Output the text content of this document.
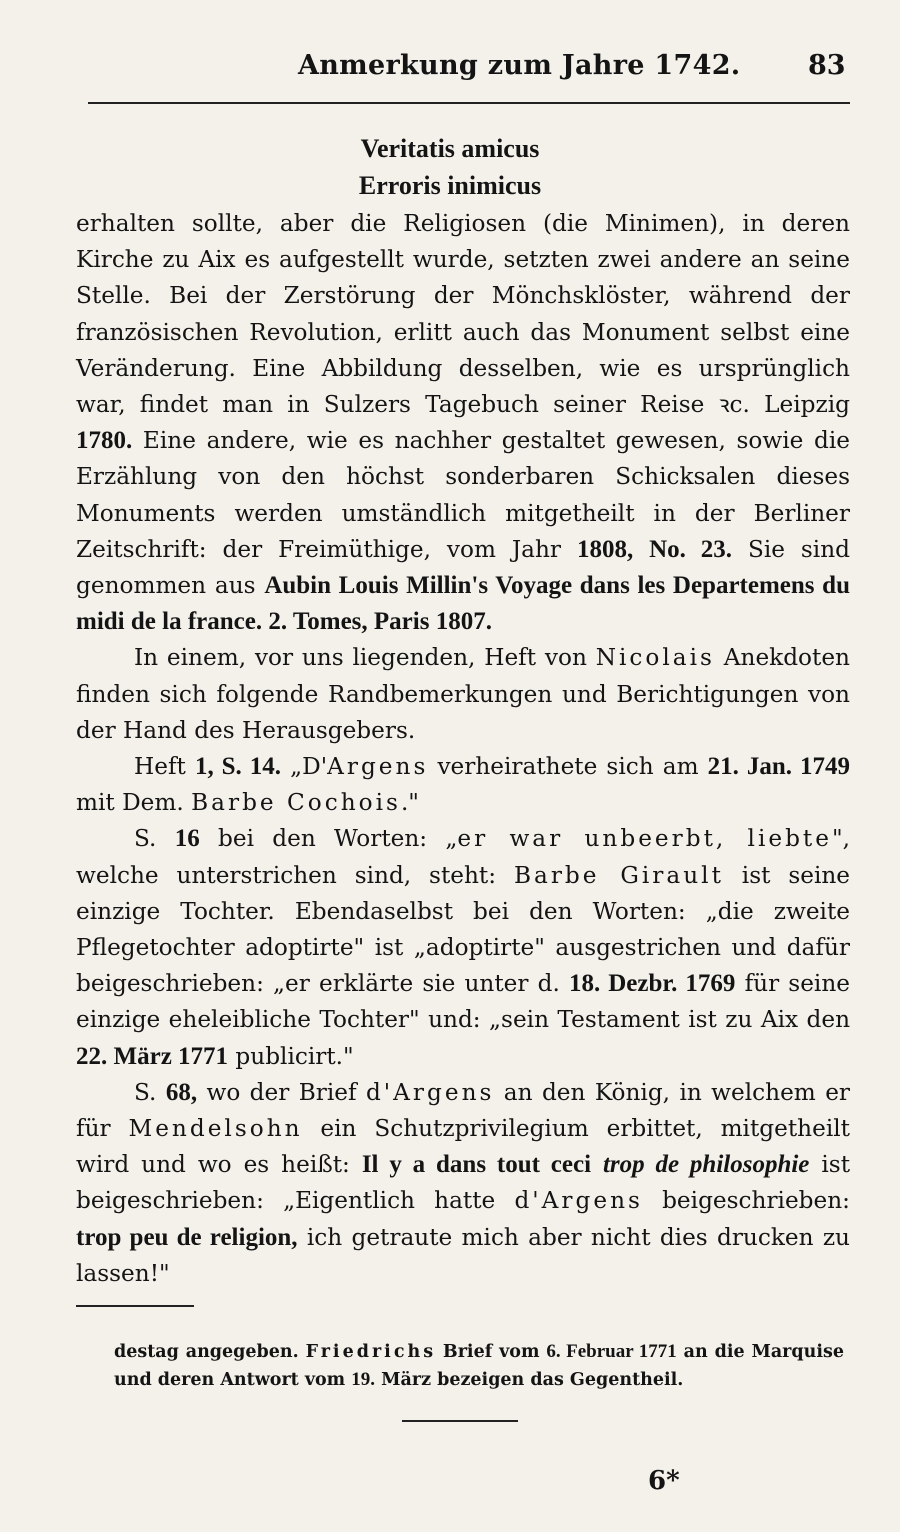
Anmerkung zum Jahre 1742.	83
Veritatis amicus
Erroris inimicus

erhalten sollte, aber die Religiosen (die Minimen), in deren Kirche zu Aix es aufgestellt wurde, setzten zwei andere an seine Stelle. Bei der Zerstörung der Mönchsklöster, während der französischen Revolution, erlitt auch das Monument selbst eine Veränderung. Eine Abbildung desselben, wie es ursprünglich war, findet man in Sulzers Tagebuch seiner Reise ꝛc. Leipzig 1780. Eine andere, wie es nachher gestaltet gewesen, sowie die Erzählung von den höchst sonderbaren Schicksalen dieses Monuments werden umständlich mitgetheilt in der Berliner Zeitschrift: der Freimüthige, vom Jahr 1808, No. 23. Sie sind genommen aus Aubin Louis Millin's Voyage dans les Departemens du midi de la france. 2. Tomes, Paris 1807.

In einem, vor uns liegenden, Heft von Nicolais Anekdoten finden sich folgende Randbemerkungen und Berichtigungen von der Hand des Herausgebers.

Heft 1, S. 14. „D'Argens verheirathete sich am 21. Jan. 1749 mit Dem. Barbe Cochois."

S. 16 bei den Worten: „er war unbeerbt, liebte", welche unterstrichen sind, steht: Barbe Girault ist seine einzige Tochter. Ebendaselbst bei den Worten: „die zweite Pflegetochter adoptirte" ist „adoptirte" ausgestrichen und dafür beigeschrieben: „er erklärte sie unter d. 18. Dezbr. 1769 für seine einzige eheleibliche Tochter" und: „sein Testament ist zu Aix den 22. März 1771 publicirt."

S. 68, wo der Brief d'Argens an den König, in welchem er für Mendelsohn ein Schutzprivilegium erbittet, mitgetheilt wird und wo es heißt: Il y a dans tout ceci trop de philosophie ist beigeschrieben: „Eigentlich hatte d'Argens beigeschrieben: trop peu de religion, ich getraute mich aber nicht dies drucken zu lassen!"

destag angegeben. Friedrichs Brief vom 6. Februar 1771 an die Marquise und deren Antwort vom 19. März bezeigen das Gegentheil.

6*
